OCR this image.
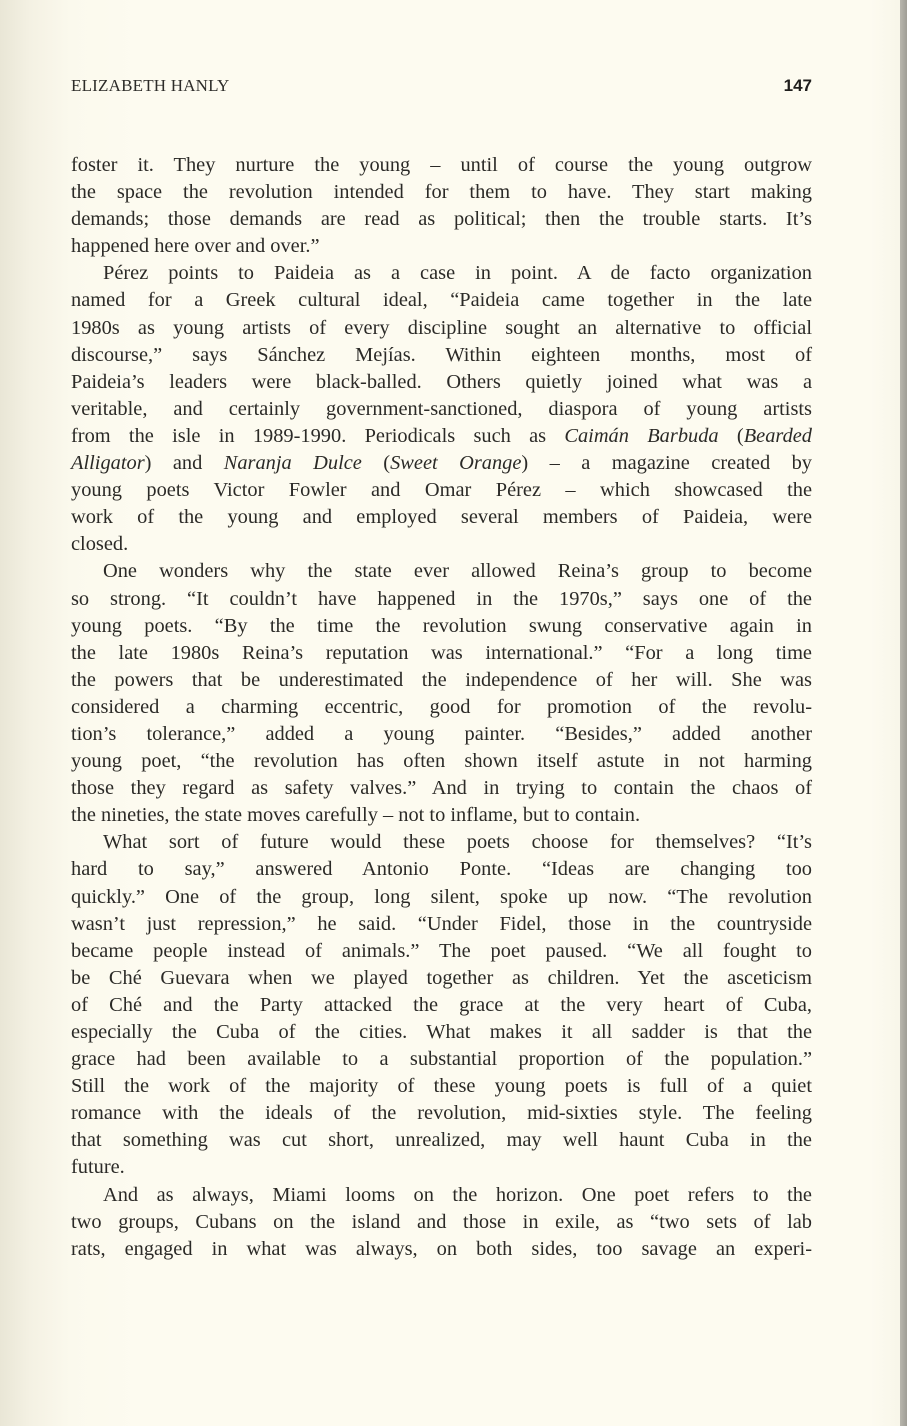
ELIZABETH HANLY	147
foster it. They nurture the young – until of course the young outgrow
the space the revolution intended for them to have. They start making
demands; those demands are read as political; then the trouble starts. It’s
happened here over and over.”
Pérez points to Paideia as a case in point. A de facto organization
named for a Greek cultural ideal, “Paideia came together in the late
1980s as young artists of every discipline sought an alternative to official
discourse,” says Sánchez Mejías. Within eighteen months, most of
Paideia’s leaders were black-balled. Others quietly joined what was a
veritable, and certainly government-sanctioned, diaspora of young artists
from the isle in 1989-1990. Periodicals such as Caimán Barbuda (Bearded
Alligator) and Naranja Dulce (Sweet Orange) – a magazine created by
young poets Victor Fowler and Omar Pérez – which showcased the
work of the young and employed several members of Paideia, were
closed.
One wonders why the state ever allowed Reina’s group to become
so strong. “It couldn’t have happened in the 1970s,” says one of the
young poets. “By the time the revolution swung conservative again in
the late 1980s Reina’s reputation was international.” “For a long time
the powers that be underestimated the independence of her will. She was
considered a charming eccentric, good for promotion of the revolu-
tion’s tolerance,” added a young painter. “Besides,” added another
young poet, “the revolution has often shown itself astute in not harming
those they regard as safety valves.” And in trying to contain the chaos of
the nineties, the state moves carefully – not to inflame, but to contain.
What sort of future would these poets choose for themselves? “It’s
hard to say,” answered Antonio Ponte. “Ideas are changing too
quickly.” One of the group, long silent, spoke up now. “The revolution
wasn’t just repression,” he said. “Under Fidel, those in the countryside
became people instead of animals.” The poet paused. “We all fought to
be Ché Guevara when we played together as children. Yet the asceticism
of Ché and the Party attacked the grace at the very heart of Cuba,
especially the Cuba of the cities. What makes it all sadder is that the
grace had been available to a substantial proportion of the population.”
Still the work of the majority of these young poets is full of a quiet
romance with the ideals of the revolution, mid-sixties style. The feeling
that something was cut short, unrealized, may well haunt Cuba in the
future.
And as always, Miami looms on the horizon. One poet refers to the
two groups, Cubans on the island and those in exile, as “two sets of lab
rats, engaged in what was always, on both sides, too savage an experi-
